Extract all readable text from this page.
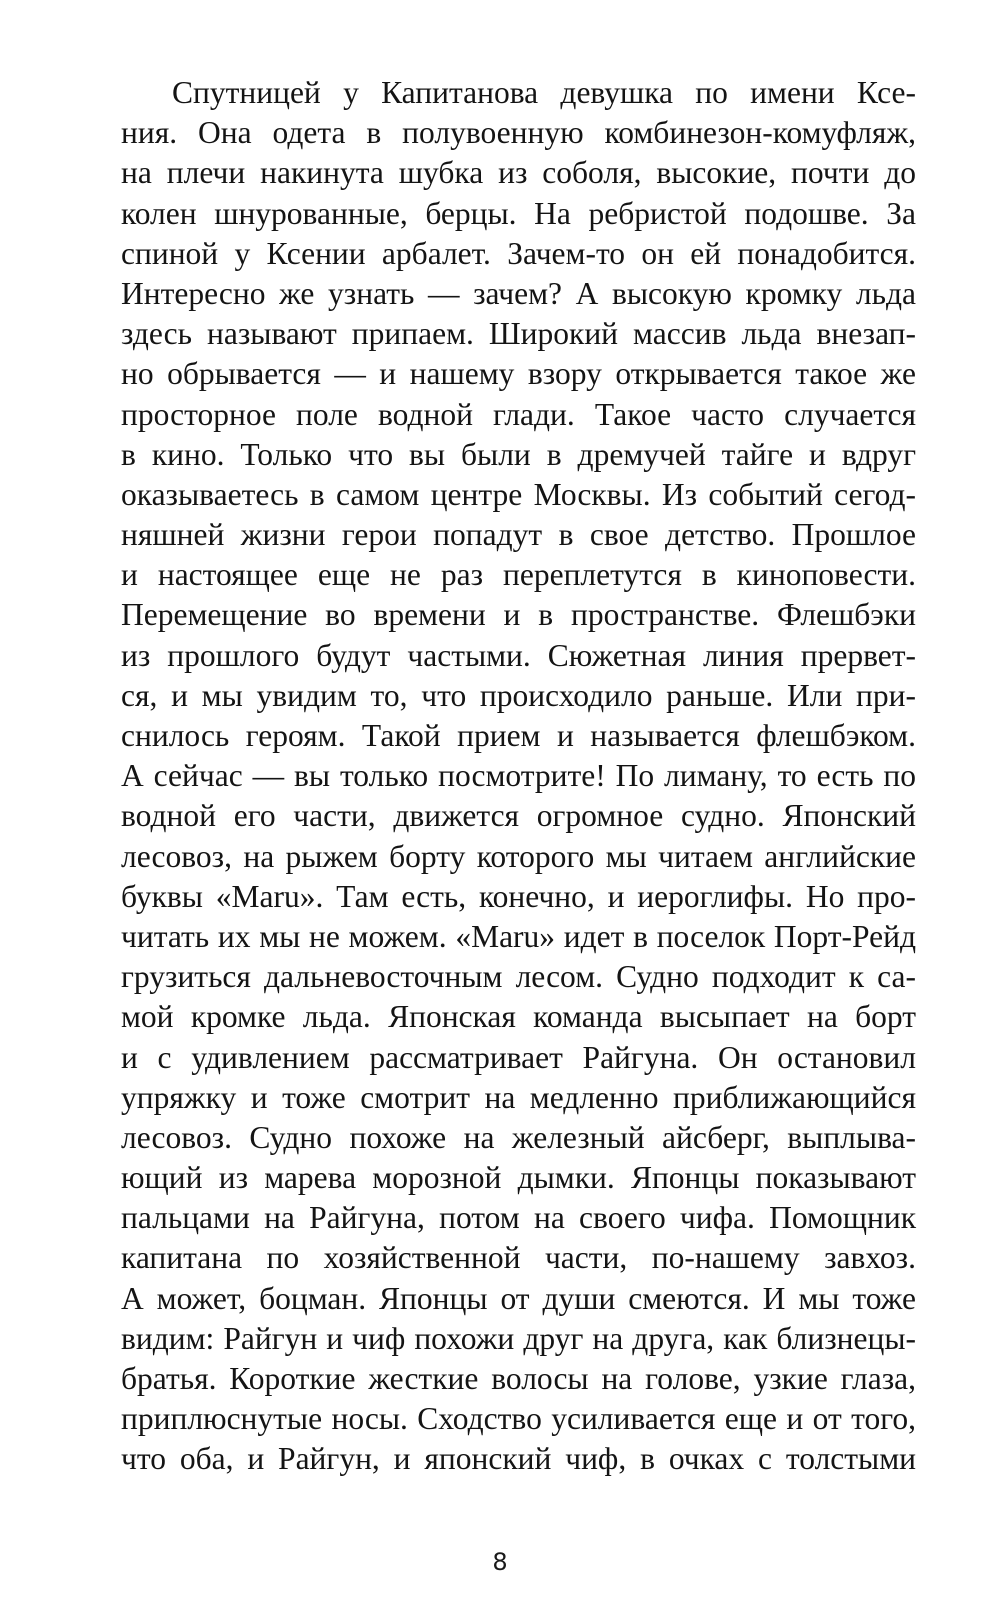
Спутницей у Капитанова девушка по имени Ксе-
ния. Она одета в полувоенную комбинезон-комуфляж,
на плечи накинута шубка из соболя, высокие, почти до
колен шнурованные, берцы. На ребристой подошве. За
спиной у Ксении арбалет. Зачем-то он ей понадобится.
Интересно же узнать — зачем? А высокую кромку льда
здесь называют припаем. Широкий массив льда внезап-
но обрывается — и нашему взору открывается такое же
просторное поле водной глади. Такое часто случается
в кино. Только что вы были в дремучей тайге и вдруг
оказываетесь в самом центре Москвы. Из событий сегод-
няшней жизни герои попадут в свое детство. Прошлое
и настоящее еще не раз переплетутся в киноповести.
Перемещение во времени и в пространстве. Флешбэки
из прошлого будут частыми. Сюжетная линия прервет-
ся, и мы увидим то, что происходило раньше. Или при-
снилось героям. Такой прием и называется флешбэком.
А сейчас — вы только посмотрите! По лиману, то есть по
водной его части, движется огромное судно. Японский
лесовоз, на рыжем борту которого мы читаем английские
буквы «Maru». Там есть, конечно, и иероглифы. Но про-
читать их мы не можем. «Maru» идет в поселок Порт-Рейд
грузиться дальневосточным лесом. Судно подходит к са-
мой кромке льда. Японская команда высыпает на борт
и с удивлением рассматривает Райгуна. Он остановил
упряжку и тоже смотрит на медленно приближающийся
лесовоз. Судно похоже на железный айсберг, выплыва-
ющий из марева морозной дымки. Японцы показывают
пальцами на Райгуна, потом на своего чифа. Помощник
капитана по хозяйственной части, по-нашему завхоз.
А может, боцман. Японцы от души смеются. И мы тоже
видим: Райгун и чиф похожи друг на друга, как близнецы-
братья. Короткие жесткие волосы на голове, узкие глаза,
приплюснутые носы. Сходство усиливается еще и от того,
что оба, и Райгун, и японский чиф, в очках с толстыми
8
